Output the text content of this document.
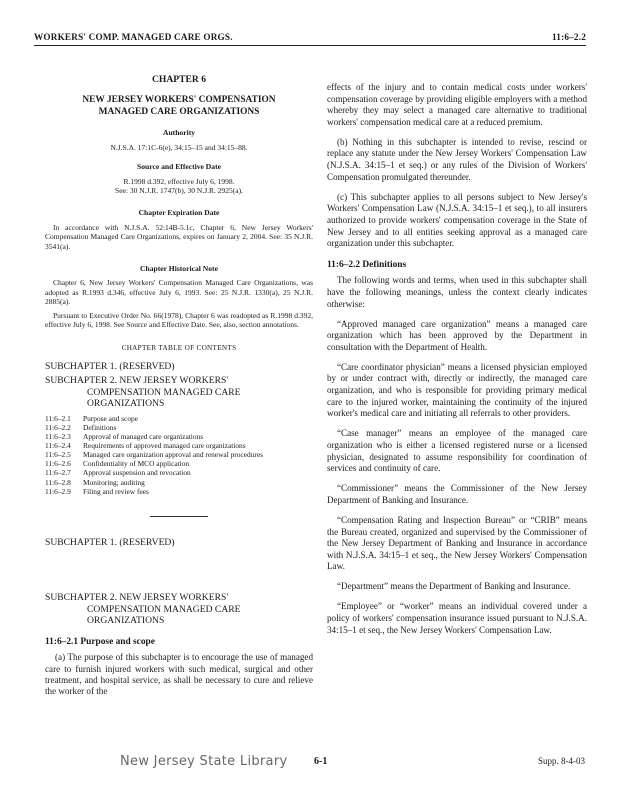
WORKERS' COMP. MANAGED CARE ORGS.	11:6–2.2
CHAPTER 6
NEW JERSEY WORKERS' COMPENSATION
MANAGED CARE ORGANIZATIONS
Authority
N.J.S.A. 17:1C-6(e), 34:15–15 and 34:15–88.
Source and Effective Date
R.1998 d.392, effective July 6, 1998.
See: 30 N.J.R. 1747(b), 30 N.J.R. 2925(a).
Chapter Expiration Date
In accordance with N.J.S.A. 52:14B-5.1c, Chapter 6, New Jersey Workers' Compensation Managed Care Organizations, expires on January 2, 2004. See: 35 N.J.R. 3541(a).
Chapter Historical Note
Chapter 6, New Jersey Workers' Compensation Managed Care Organizations, was adopted as R.1993 d.346, effective July 6, 1993. See: 25 N.J.R. 1330(a), 25 N.J.R. 2885(a).
Pursuant to Executive Order No. 66(1978), Chapter 6 was readopted as R.1998 d.392, effective July 6, 1998. See Source and Effective Date. See, also, section annotations.
CHAPTER TABLE OF CONTENTS
SUBCHAPTER 1. (RESERVED)
SUBCHAPTER 2. NEW JERSEY WORKERS'
COMPENSATION MANAGED CARE
ORGANIZATIONS
11:6–2.1	Purpose and scope
11:6–2.2	Definitions
11:6–2.3	Approval of managed care organizations
11:6–2.4	Requirements of approved managed care organizations
11:6–2.5	Managed care organization approval and renewal procedures
11:6–2.6	Confidentiality of MCO application
11:6–2.7	Approval suspension and revocation
11:6–2.8	Monitoring; auditing
11:6–2.9	Filing and review fees
SUBCHAPTER 1. (RESERVED)
SUBCHAPTER 2. NEW JERSEY WORKERS'
COMPENSATION MANAGED CARE
ORGANIZATIONS
11:6–2.1 Purpose and scope
(a) The purpose of this subchapter is to encourage the use of managed care to furnish injured workers with such medical, surgical and other treatment, and hospital service, as shall be necessary to cure and relieve the worker of the
effects of the injury and to contain medical costs under workers' compensation coverage by providing eligible employers with a method whereby they may select a managed care alternative to traditional workers' compensation medical care at a reduced premium.
(b) Nothing in this subchapter is intended to revise, rescind or replace any statute under the New Jersey Workers' Compensation Law (N.J.S.A. 34:15–1 et seq.) or any rules of the Division of Workers' Compensation promulgated thereunder.
(c) This subchapter applies to all persons subject to New Jersey's Workers' Compensation Law (N.J.S.A. 34:15–1 et seq.), to all insurers authorized to provide workers' compensation coverage in the State of New Jersey and to all entities seeking approval as a managed care organization under this subchapter.
11:6–2.2 Definitions
The following words and terms, when used in this subchapter shall have the following meanings, unless the context clearly indicates otherwise:
“Approved managed care organization” means a managed care organization which has been approved by the Department in consultation with the Department of Health.
“Care coordinator physician” means a licensed physician employed by or under contract with, directly or indirectly, the managed care organization, and who is responsible for providing primary medical care to the injured worker, maintaining the continuity of the injured worker's medical care and initiating all referrals to other providers.
“Case manager” means an employee of the managed care organization who is either a licensed registered nurse or a licensed physician, designated to assume responsibility for coordination of services and continuity of care.
“Commissioner” means the Commissioner of the New Jersey Department of Banking and Insurance.
“Compensation Rating and Inspection Bureau” or “CRIB” means the Bureau created, organized and supervised by the Commissioner of the New Jersey Department of Banking and Insurance in accordance with N.J.S.A. 34:15–1 et seq., the New Jersey Workers' Compensation Law.
“Department” means the Department of Banking and Insurance.
“Employee” or “worker” means an individual covered under a policy of workers' compensation insurance issued pursuant to N.J.S.A. 34:15–1 et seq., the New Jersey Workers' Compensation Law.
New Jersey State Library	6-1	Supp. 8-4-03
